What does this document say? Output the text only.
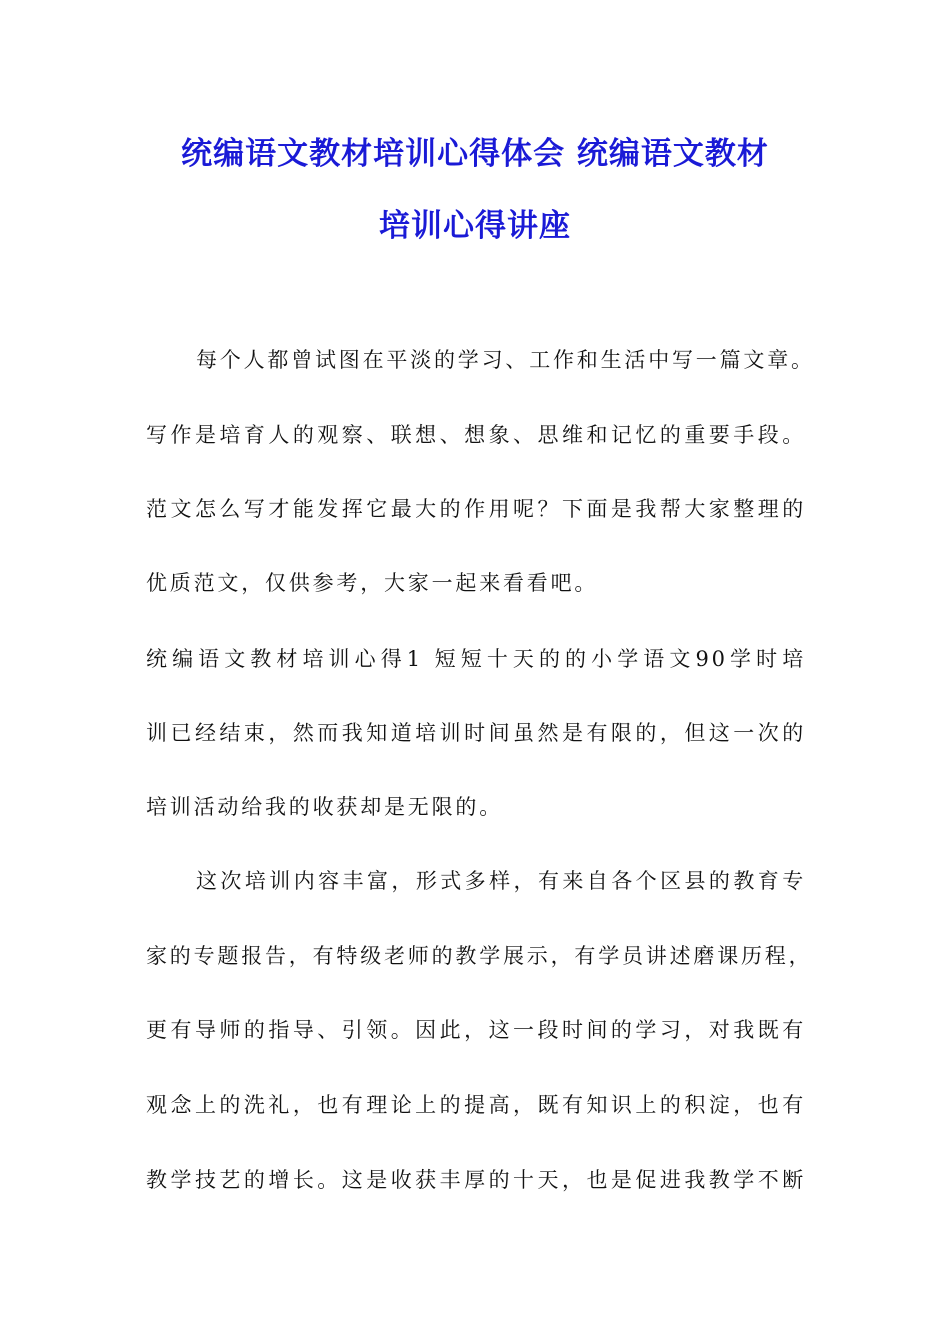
统编语文教材培训心得体会 统编语文教材
培训心得讲座
每个人都曾试图在平淡的学习、工作和生活中写一篇文章。
写作是培育人的观察、联想、想象、思维和记忆的重要手段。
范文怎么写才能发挥它最大的作用呢？下面是我帮大家整理的
优质范文，仅供参考，大家一起来看看吧。
统编语文教材培训心得1 短短十天的的小学语文90学时培
训已经结束，然而我知道培训时间虽然是有限的，但这一次的
培训活动给我的收获却是无限的。
这次培训内容丰富，形式多样，有来自各个区县的教育专
家的专题报告，有特级老师的教学展示，有学员讲述磨课历程，
更有导师的指导、引领。因此，这一段时间的学习，对我既有
观念上的洗礼，也有理论上的提高，既有知识上的积淀，也有
教学技艺的增长。这是收获丰厚的十天，也是促进我教学不断
